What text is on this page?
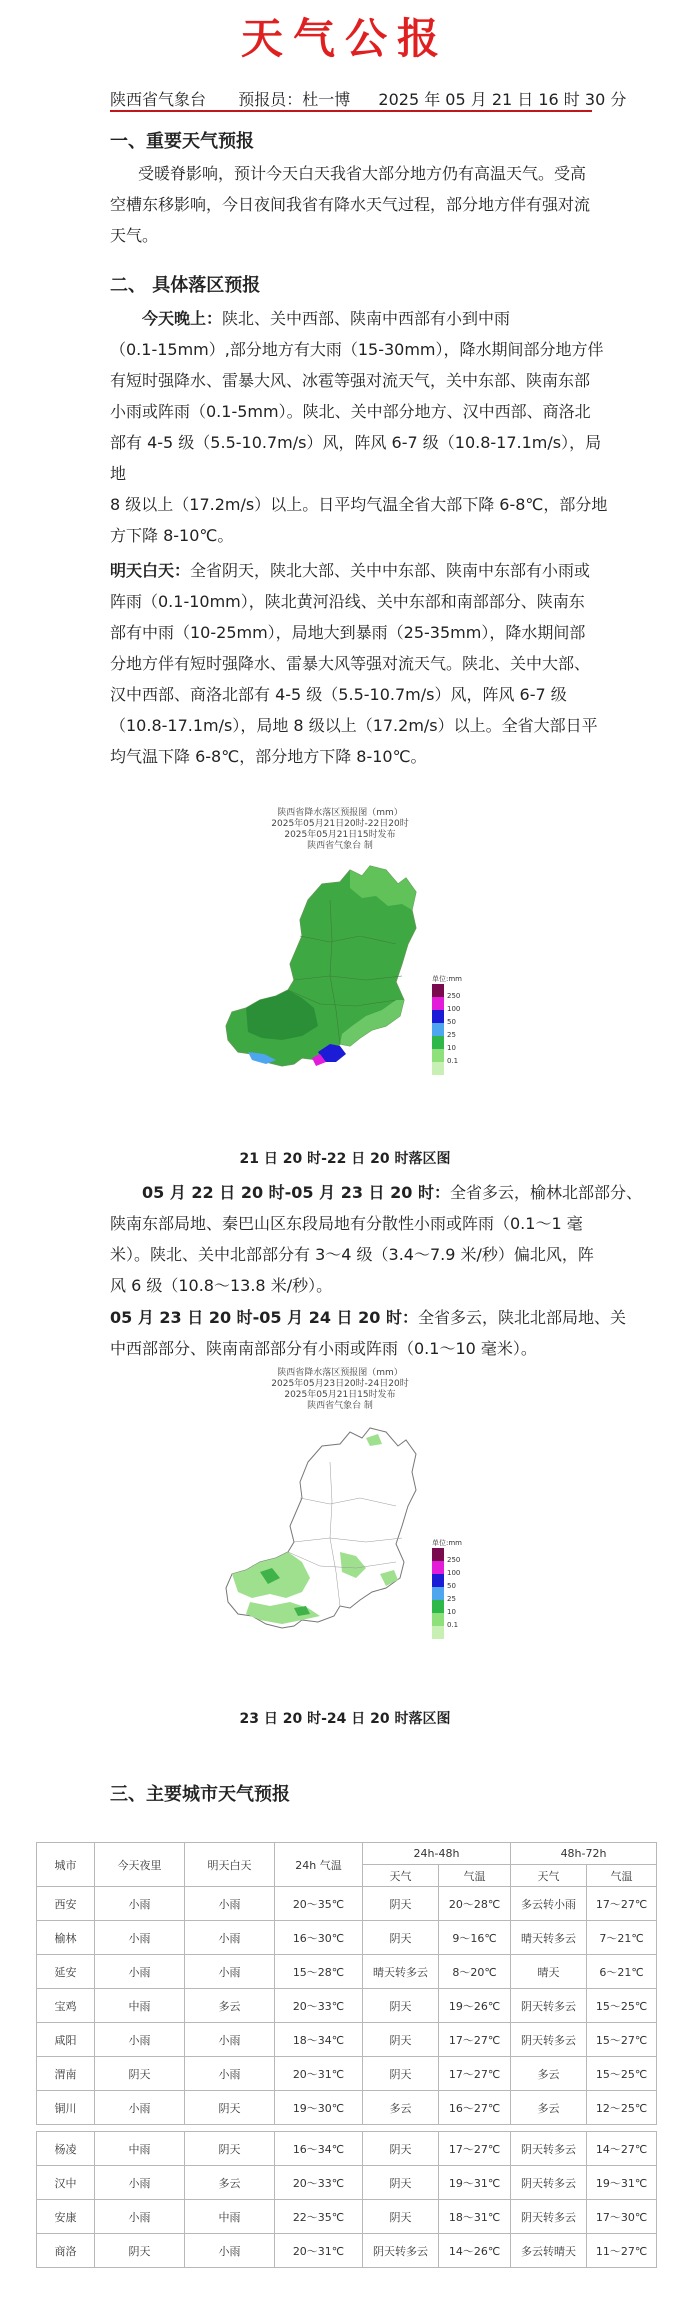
天气公报
陕西省气象台 预报员：杜一博 2025 年 05 月 21 日 16 时 30 分
一、重要天气预报
受暖脊影响，预计今天白天我省大部分地方仍有高温天气。受高
空槽东移影响，今日夜间我省有降水天气过程，部分地方伴有强对流
天气。
二、 具体落区预报
今天晚上：陕北、关中西部、陕南中西部有小到中雨
（0.1-15mm）,部分地方有大雨（15-30mm），降水期间部分地方伴
有短时强降水、雷暴大风、冰雹等强对流天气，关中东部、陕南东部
小雨或阵雨（0.1-5mm）。陕北、关中部分地方、汉中西部、商洛北
部有 4-5 级（5.5-10.7m/s）风，阵风 6-7 级（10.8-17.1m/s），局地
8 级以上（17.2m/s）以上。日平均气温全省大部下降 6-8℃，部分地
方下降 8-10℃。
明天白天：全省阴天，陕北大部、关中中东部、陕南中东部有小雨或
阵雨（0.1-10mm），陕北黄河沿线、关中东部和南部部分、陕南东
部有中雨（10-25mm），局地大到暴雨（25-35mm），降水期间部
分地方伴有短时强降水、雷暴大风等强对流天气。陕北、关中大部、
汉中西部、商洛北部有 4-5 级（5.5-10.7m/s）风，阵风 6-7 级
（10.8-17.1m/s），局地 8 级以上（17.2m/s）以上。全省大部日平
均气温下降 6-8℃，部分地方下降 8-10℃。
陕西省降水落区预报图（mm）
2025年05月21日20时-22日20时
2025年05月21日15时发布
陕西省气象台 制
单位:mm
250
100
50
25
10
0.1
21 日 20 时-22 日 20 时落区图
05 月 22 日 20 时-05 月 23 日 20 时：全省多云，榆林北部部分、
陕南东部局地、秦巴山区东段局地有分散性小雨或阵雨（0.1～1 毫
米）。陕北、关中北部部分有 3～4 级（3.4～7.9 米/秒）偏北风，阵
风 6 级（10.8～13.8 米/秒）。
05 月 23 日 20 时-05 月 24 日 20 时：全省多云，陕北北部局地、关
中西部部分、陕南南部部分有小雨或阵雨（0.1～10 毫米）。
陕西省降水落区预报图（mm）
2025年05月23日20时-24日20时
2025年05月21日15时发布
陕西省气象台 制
单位:mm
250
100
50
25
10
0.1
23 日 20 时-24 日 20 时落区图
三、主要城市天气预报
城市	今天夜里	明天白天	24h 气温	24h-48h		48h-72h	
				天气	气温	天气	气温
西安	小雨	小雨	20～35℃	阴天	20～28℃	多云转小雨	17～27℃
榆林	小雨	小雨	16～30℃	阴天	9～16℃	晴天转多云	7～21℃
延安	小雨	小雨	15～28℃	晴天转多云	8～20℃	晴天	6～21℃
宝鸡	中雨	多云	20～33℃	阴天	19～26℃	阴天转多云	15～25℃
咸阳	小雨	小雨	18～34℃	阴天	17～27℃	阴天转多云	15～27℃
渭南	阴天	小雨	20～31℃	阴天	17～27℃	多云	15～25℃
铜川	小雨	阴天	19～30℃	多云	16～27℃	多云	12～25℃

杨凌	中雨	阴天	16～34℃	阴天	17～27℃	阴天转多云	14～27℃
汉中	小雨	多云	20～33℃	阴天	19～31℃	阴天转多云	19～31℃
安康	小雨	中雨	22～35℃	阴天	18～31℃	阴天转多云	17～30℃
商洛	阴天	小雨	20～31℃	阴天转多云	14～26℃	多云转晴天	11～27℃
